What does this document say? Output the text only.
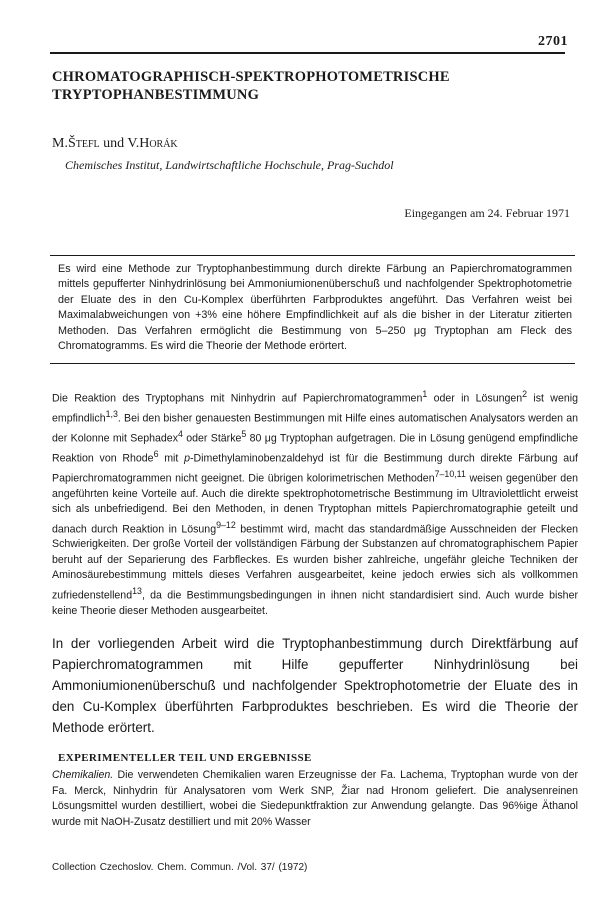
2701
CHROMATOGRAPHISCH-SPEKTROPHOTOMETRISCHE
TRYPTOPHANBESTIMMUNG
M.Štefl und V.Horák
Chemisches Institut, Landwirtschaftliche Hochschule, Prag-Suchdol
Eingegangen am 24. Februar 1971

Es wird eine Methode zur Tryptophanbestimmung durch direkte Färbung an Papierchromatogrammen mittels gepufferter Ninhydrinlösung bei Ammoniumionenüberschuß und nachfolgender Spektrophotometrie der Eluate des in den Cu-Komplex überführten Farbproduktes angeführt. Das Verfahren weist bei Maximalabweichungen von +3% eine höhere Empfindlichkeit auf als die bisher in der Literatur zitierten Methoden. Das Verfahren ermöglicht die Bestimmung von 5–250 μg Tryptophan am Fleck des Chromatogramms. Es wird die Theorie der Methode erörtert.

Die Reaktion des Tryptophans mit Ninhydrin auf Papierchromatogrammen$^1$ oder in Lösungen$^2$ ist wenig empfindlich$^{1,3}$. Bei den bisher genauesten Bestimmungen mit Hilfe eines automatischen Analysators werden an der Kolonne mit Sephadex$^4$ oder Stärke$^5$ 80 μg Tryptophan aufgetragen. Die in Lösung genügend empfindliche Reaktion von Rhode$^6$ mit p-Dimethylaminobenzaldehyd ist für die Bestimmung durch direkte Färbung auf Papierchromatogrammen nicht geeignet. Die übrigen kolorimetrischen Methoden$^{7-10,11}$ weisen gegenüber den angeführten keine Vorteile auf. Auch die direkte spektrophotometrische Bestimmung im Ultraviolettlicht erweist sich als unbefriedigend. Bei den Methoden, in denen Tryptophan mittels Papierchromatographie geteilt und danach durch Reaktion in Lösung$^{9-12}$ bestimmt wird, macht das standardmäßige Ausschneiden der Flecken Schwierigkeiten. Der große Vorteil der vollständigen Färbung der Substanzen auf chromatographischem Papier beruht auf der Separierung des Farbfleckes. Es wurden bisher zahlreiche, ungefähr gleiche Techniken der Aminosäurebestimmung mittels dieses Verfahren ausgearbeitet, keine jedoch erwies sich als vollkommen zufriedenstellend$^{13}$, da die Bestimmungsbedingungen in ihnen nicht standardisiert sind. Auch wurde bisher keine Theorie dieser Methoden ausgearbeitet.

In der vorliegenden Arbeit wird die Tryptophanbestimmung durch Direktfärbung auf Papierchromatogrammen mit Hilfe gepufferter Ninhydrinlösung bei Ammoniumionenüberschuß und nachfolgender Spektrophotometrie der Eluate des in den Cu-Komplex überführten Farbproduktes beschrieben. Es wird die Theorie der Methode erörtert.

EXPERIMENTELLER TEIL UND ERGEBNISSE

Chemikalien. Die verwendeten Chemikalien waren Erzeugnisse der Fa. Lachema, Tryptophan wurde von der Fa. Merck, Ninhydrin für Analysatoren vom Werk SNP, Žiar nad Hronom geliefert. Die analysenreinen Lösungsmittel wurden destilliert, wobei die Siedepunktfraktion zur Anwendung gelangte. Das 96%ige Äthanol wurde mit NaOH-Zusatz destilliert und mit 20% Wasser

Collection Czechoslov. Chem. Commun. /Vol. 37/ (1972)
